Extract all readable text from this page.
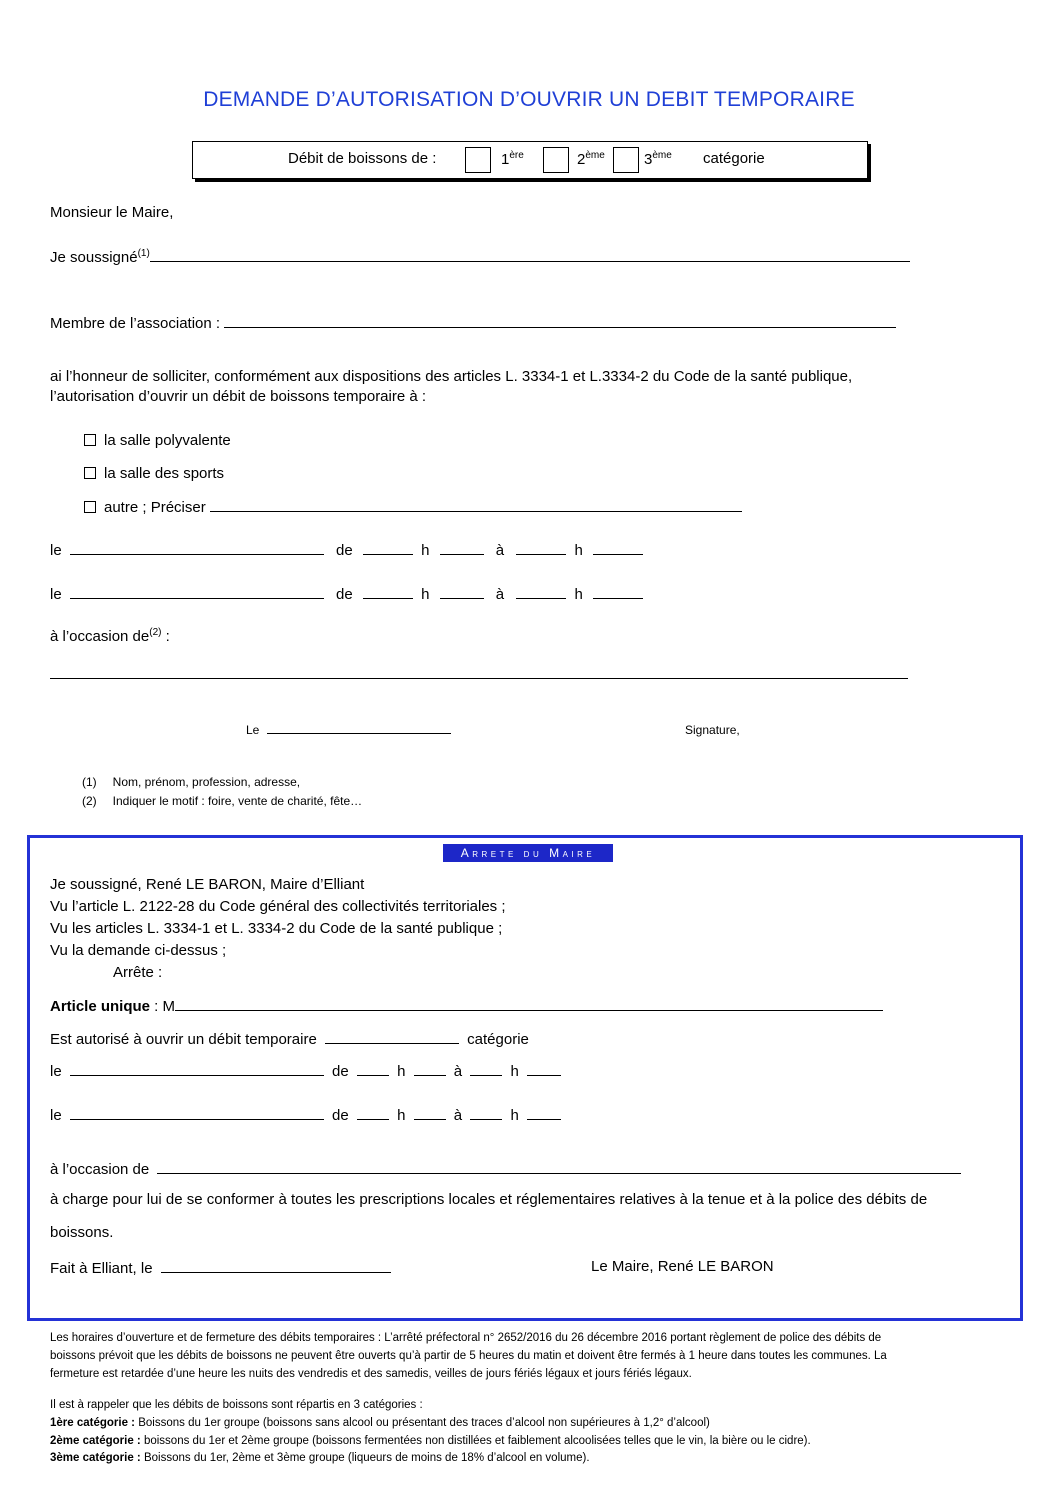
DEMANDE D’AUTORISATION D’OUVRIR UN DEBIT TEMPORAIRE
Débit de boissons de :	1ère	2ème	3ème catégorie
Monsieur le Maire,
Je soussigné$^{(1)}$
Membre de l’association :
ai l’honneur de solliciter, conformément aux dispositions des articles L. 3334-1 et L.3334-2 du Code de la santé publique,
l’autorisation d’ouvrir un débit de boissons temporaire à :
la salle polyvalente
la salle des sports
autre ; Préciser
le	de	h	à	h
le	de	h	à	h
à l’occasion $de^{(2)}$ :
Le	Signature,
(1) Nom, prénom, profession, adresse,
(2) Indiquer le motif : foire, vente de charité, fête…
Arrete du Maire
Je soussigné, René LE BARON, Maire d’Elliant
Vu l’article L. 2122-28 du Code général des collectivités territoriales ;
Vu les articles L. 3334-1 et L. 3334-2 du Code de la santé publique ;
Vu la demande ci-dessus ;
Arrête :
Article unique : M
Est autorisé à ouvrir un débit temporaire	catégorie
le	de	h	à	h
le	de	h	à	h
à l’occasion de
à charge pour lui de se conformer à toutes les prescriptions locales et réglementaires relatives à la tenue et à la police des débits de
boissons.
Fait à Elliant, le	Le Maire, René LE BARON
Les horaires d’ouverture et de fermeture des débits temporaires : L’arrêté préfectoral n° 2652/2016 du 26 décembre 2016 portant règlement de police des débits de
boissons prévoit que les débits de boissons ne peuvent être ouverts qu’à partir de 5 heures du matin et doivent être fermés à 1 heure dans toutes les communes. La
fermeture est retardée d’une heure les nuits des vendredis et des samedis, veilles de jours fériés légaux et jours fériés légaux.
Il est à rappeler que les débits de boissons sont répartis en 3 catégories :
1ère catégorie : Boissons du 1er groupe (boissons sans alcool ou présentant des traces d’alcool non supérieures à 1,2° d’alcool)
2ème catégorie : boissons du 1er et 2ème groupe (boissons fermentées non distillées et faiblement alcoolisées telles que le vin, la bière ou le cidre).
3ème catégorie : Boissons du 1er, 2ème et 3ème groupe (liqueurs de moins de 18% d’alcool en volume).
